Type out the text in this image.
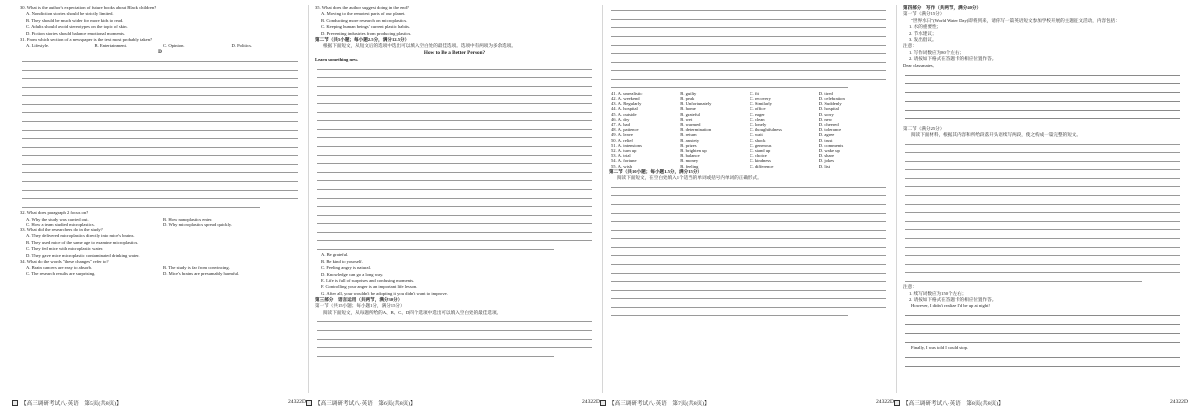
30. What is the author's expectation of future books about Black children?

A. Nondiction stories should be strictly limited.

B. They should be much wider for more kids to read.

C. Adults should avoid stereotypes on the topic of skin.

D. Fiction stories should balance emotional moments.

31. From which section of a newspaper is the text most probably taken?

A. Lifestyle.	B. Entertainment.	C. Opinion.	D. Politics.
D

32. What does paragraph 2 focus on?

A. Why the study was carried out.	B. How nanoplastics enter.
C. How a team studied microplastics.	D. Why microplastics spread quickly.

33. What did the researchers do in the study?

A. They delivered microplastics directly into mice's brains.

B. They used mice of the same age to examine microplastics.

C. They fed mice with microplastic water.

D. They gave mice microplastic contaminated drinking water.

34. What do the words "these changes" refer to?

A. Brain cancers are easy to absorb.	B. The study is far from convincing.
C. The research results are surprising.	D. Mice's brains are presumably harmful.

35. What does the author suggest doing in the end?

A. Moving to the remotest parts of our planet.

B. Conducting more research on microplastics.

C. Keeping human beings' current plastic habits.

D. Preventing industries from producing plastics.

第二节（共5小题；每小题2.5分，满分12.5分）

根据下面短文，从短文后的选项中选出可以填入空白处的最佳选项。选项中有两项为多余选项。

How to Be a Better Person?

Learn something new.

A. Be grateful.

B. Be kind to yourself.

C. Feeling angry is natural.

D. Knowledge can go a long way.

E. Life is full of surprises and confusing moments.

F. Controlling your anger is an important life lesson.

G. After all, your wouldn't be adopting it you didn't want to improve.

第三部分　语言运用（共两节，满分30分）

第一节（共15小题；每小题1分，满分15分）

阅读下面短文，从每题所给的A、B、C、D四个选项中选出可以填入空白处的最佳选项。

41. A. unrealistic	B. guilty	C. fit	D. tired
42. A. weekend	B. peak	C. recovery	D. celebration
43. A. Regularly	B. Unfortunately	C. Similarly	D. Suddenly
44. A. hospital	B. home	C. office	D. hospital
45. A. outside	B. grateful	C. eager	D. sorry
46. A. dry	B. wet	C. clean	D. new
47. A. bad	B. warmed	C. lonely	D. cheered
48. A. patience	B. determination	C. thoughtfulness	D. tolerance
49. A. leave	B. return	C. wait	D. agree
50. A. relief	B. anxiety	C. shock	D. trust
51. A. intensions	B. prizes	C. generous	D. comments
52. A. turn up	B. brighten up	C. stand up	D. wake up
53. A. trial	B. balance	C. choice	D. share
54. A. fortune	B. money	C. kindness	D. jokes
55. A. wish	B. feeling	C. difference	D. list

第二节（共10小题；每小题1.5分，满分15分）

阅读下面短文，在空白处填入1个适当的单词或括号内单词的正确形式。

第四部分　写作（共两节，满分40分）

第一节（满分15分）

"世界水日"(World Water Day)即将到来，请你写一篇英语短文参加学校开展的主题征文活动，内容包括：

1. 水的重要性；

2. 节水建议；

3. 发出倡议。

注意：

1. 写作词数应为80个左右；

2. 请按如下格式在答题卡的相应位置作答。

Dear classmates,

第二节（满分25分）

阅读下面材料，根据其内容和所给段落开头语续写两段，使之构成一篇完整的短文。

注意：

1. 续写词数应为150个左右；

2. 请按如下格式在答题卡的相应位置作答。

However, I didn't realize I'd be up at night!

Finally, I was told I could stop.

【高三调研考试八·英语　第5页(共8页)】	24322D 【高三调研考试八·英语　第6页(共8页)】	24322D 【高三调研考试八·英语　第7页(共8页)】	24322D 【高三调研考试八·英语　第8页(共8页)】	24322D
